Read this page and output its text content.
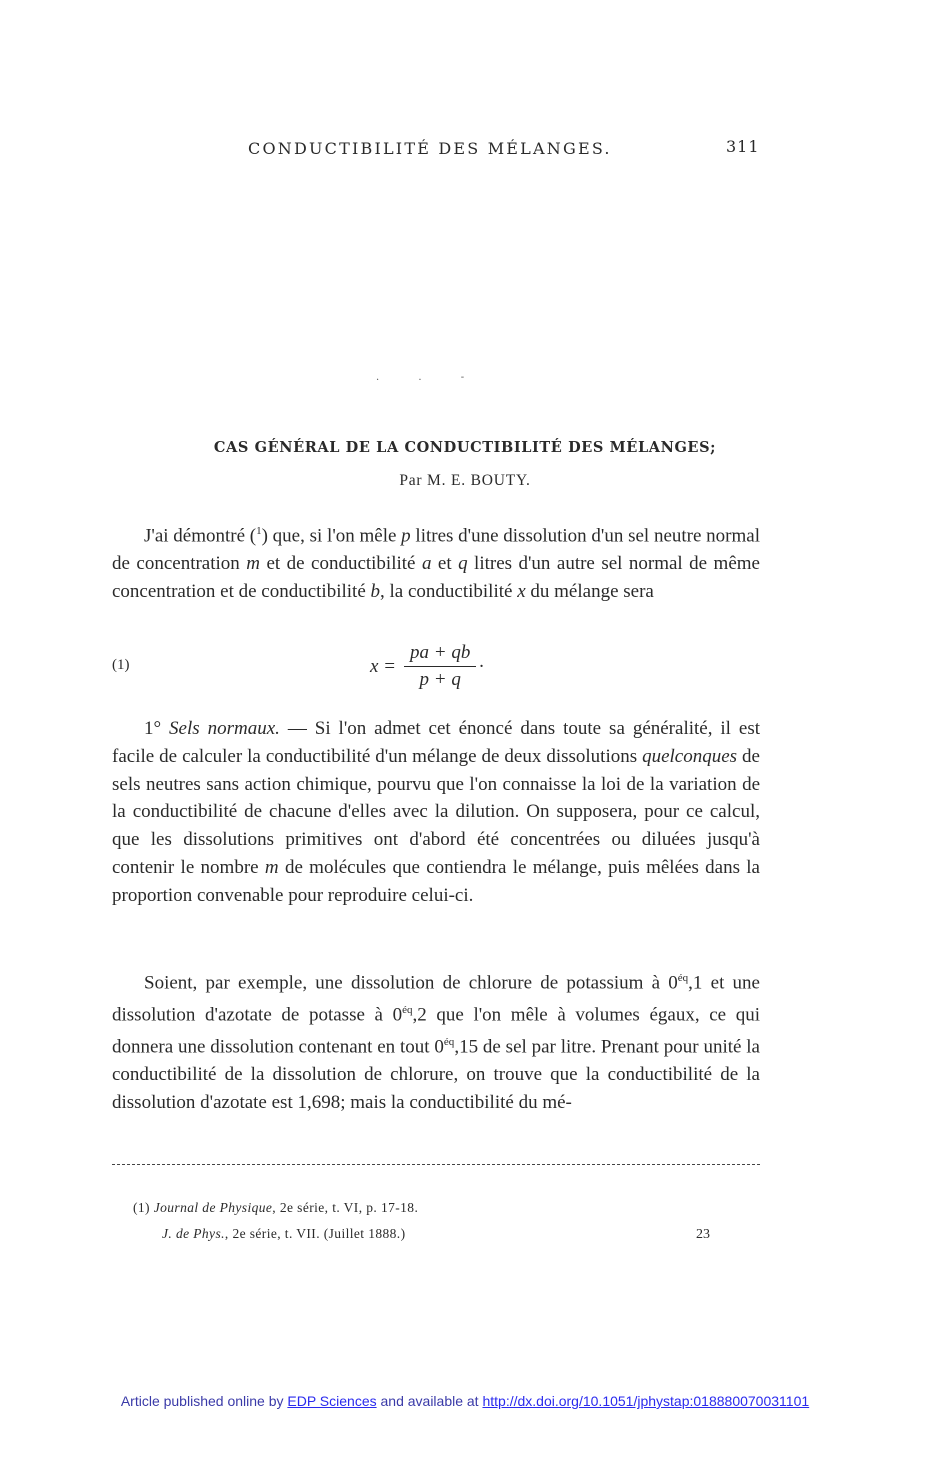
CONDUCTIBILITÉ DES MÉLANGES.	311
. . -
CAS GÉNÉRAL DE LA CONDUCTIBILITÉ DES MÉLANGES;
Par M. E. BOUTY.

J'ai démontré ($^1$) que, si l'on mêle p litres d'une dissolution d'un sel neutre normal de concentration m et de conductibilité a et q litres d'un autre sel normal de même concentration et de conductibilité b, la conductibilité x du mélange sera

(1)	$x = \frac{pa + qb}{p + q}$ ·

1° Sels normaux. — Si l'on admet cet énoncé dans toute sa généralité, il est facile de calculer la conductibilité d'un mélange de deux dissolutions quelconques de sels neutres sans action chimique, pourvu que l'on connaisse la loi de la variation de la conductibilité de chacune d'elles avec la dilution. On supposera, pour ce calcul, que les dissolutions primitives ont d'abord été concentrées ou diluées jusqu'à contenir le nombre m de molécules que contiendra le mélange, puis mêlées dans la proportion convenable pour reproduire celui-ci.

Soient, par exemple, une dissolution de chlorure de potassium à $0^{éq},1$ et une dissolution d'azotate de potasse à $0^{éq},2$ que l'on mêle à volumes égaux, ce qui donnera une dissolution contenant en tout $0^{éq},15$ de sel par litre. Prenant pour unité la conductibilité de la dissolution de chlorure, on trouve que la conductibilité de la dissolution d'azotate est 1,698; mais la conductibilité du mé-

(1) Journal de Physique, 2e série, t. VI, p. 17-18.
J. de Phys., 2e série, t. VII. (Juillet 1888.)	23
Article published online by EDP Sciences and available at http://dx.doi.org/10.1051/jphystap:018880070031101
